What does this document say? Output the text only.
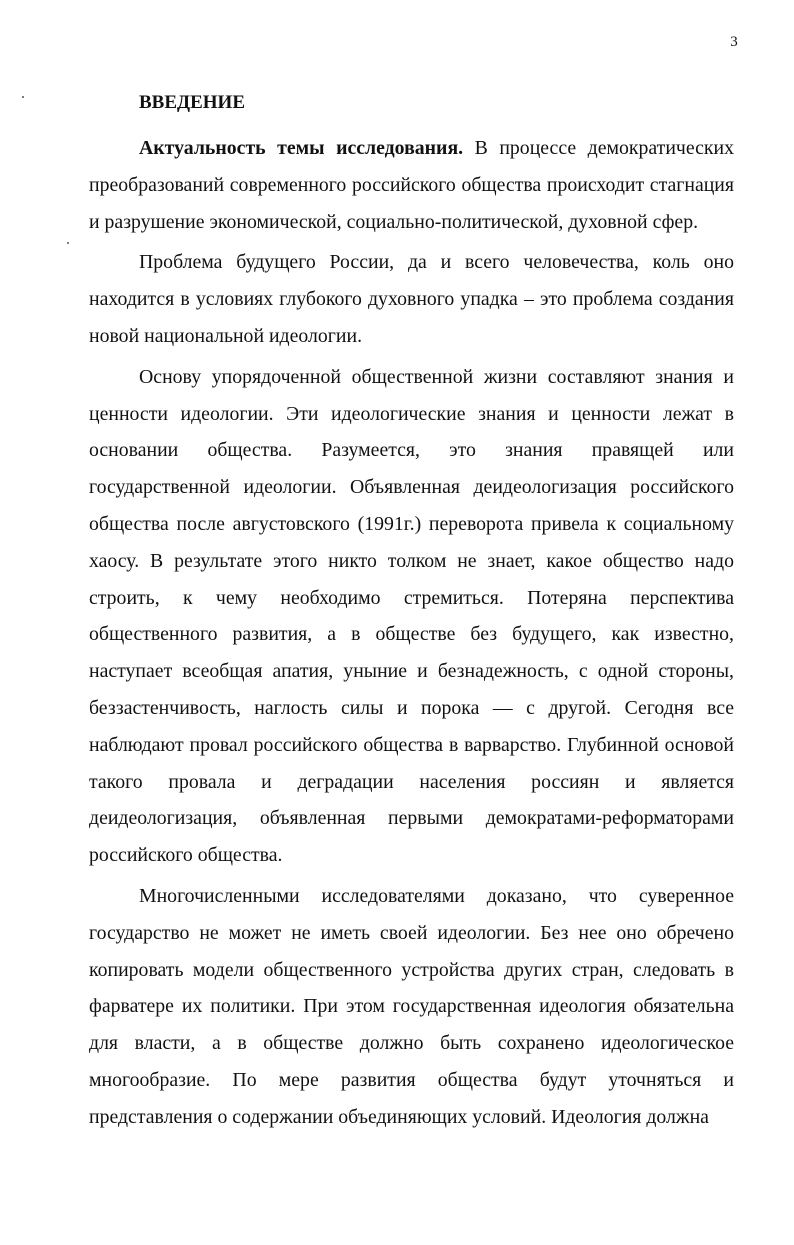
3
ВВЕДЕНИЕ

Актуальность темы исследования. В процессе демократических преобразований современного российского общества происходит стагнация и разрушение экономической, социально-политической, духовной сфер.

Проблема будущего России, да и всего человечества, коль оно находится в условиях глубокого духовного упадка – это проблема создания новой национальной идеологии.

Основу упорядоченной общественной жизни составляют знания и ценности идеологии. Эти идеологические знания и ценности лежат в основании общества. Разумеется, это знания правящей или государственной идеологии. Объявленная деидеологизация российского общества после августовского (1991г.) переворота привела к социальному хаосу. В результате этого никто толком не знает, какое общество надо строить, к чему необходимо стремиться. Потеряна перспектива общественного развития, а в обществе без будущего, как известно, наступает всеобщая апатия, уныние и безнадежность, с одной стороны, беззастенчивость, наглость силы и порока — с другой. Сегодня все наблюдают провал российского общества в варварство. Глубинной основой такого провала и деградации населения россиян и является деидеологизация, объявленная первыми демократами-реформаторами российского общества.

Многочисленными исследователями доказано, что суверенное государство не может не иметь своей идеологии. Без нее оно обречено копировать модели общественного устройства других стран, следовать в фарватере их политики. При этом государственная идеология обязательна для власти, а в обществе должно быть сохранено идеологическое многообразие. По мере развития общества будут уточняться и представления о содержании объединяющих условий. Идеология должна
